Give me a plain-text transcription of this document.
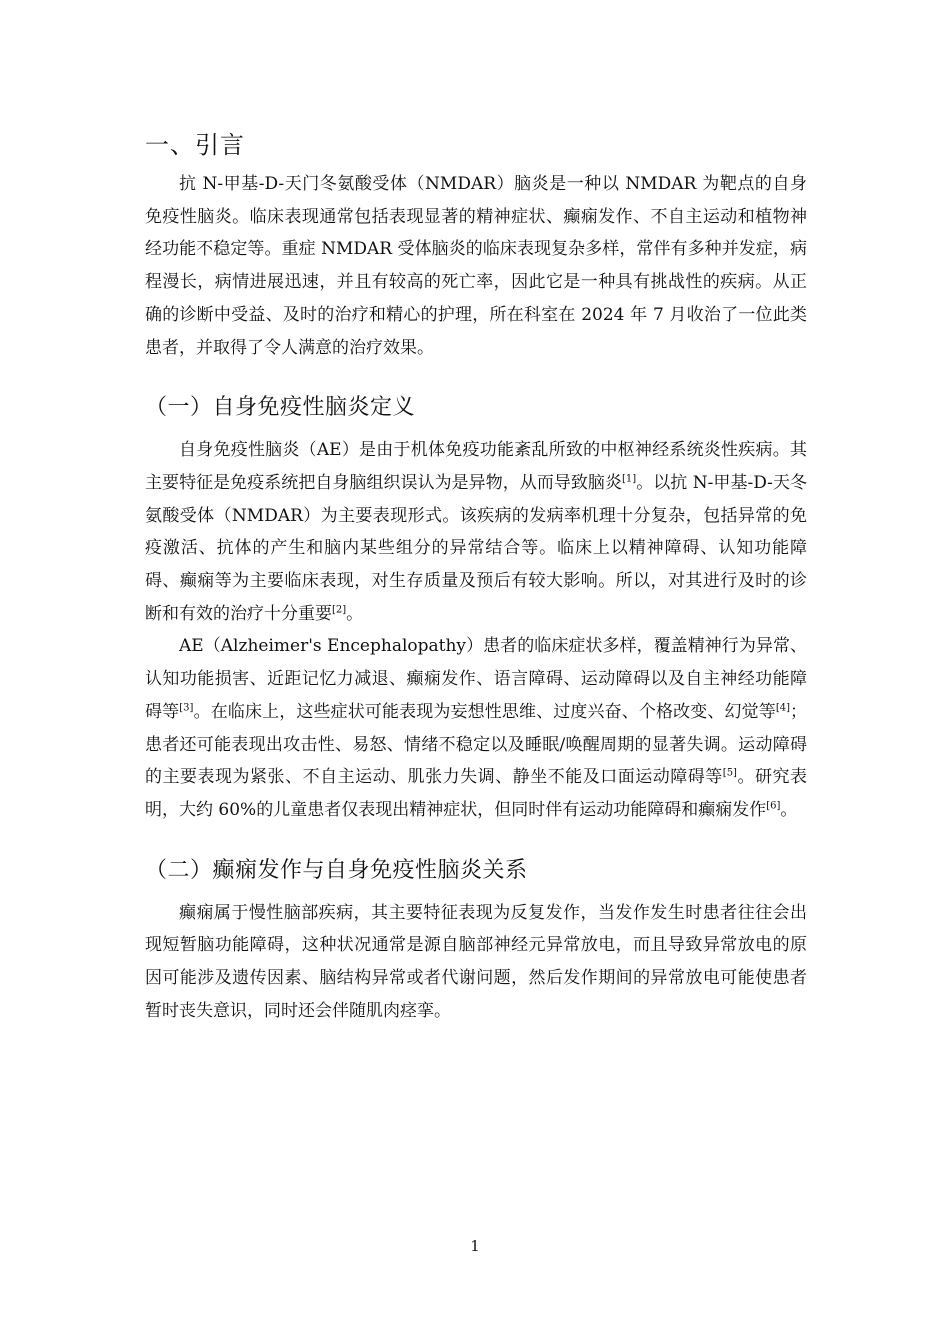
一、引言

抗 N-甲基-D-天门冬氨酸受体（NMDAR）脑炎是一种以 NMDAR 为靶点的自身免疫性脑炎。临床表现通常包括表现显著的精神症状、癫痫发作、不自主运动和植物神经功能不稳定等。重症 NMDAR 受体脑炎的临床表现复杂多样，常伴有多种并发症，病程漫长，病情进展迅速，并且有较高的死亡率，因此它是一种具有挑战性的疾病。从正确的诊断中受益、及时的治疗和精心的护理，所在科室在 2024 年 7 月收治了一位此类患者，并取得了令人满意的治疗效果。

（一）自身免疫性脑炎定义

自身免疫性脑炎（AE）是由于机体免疫功能紊乱所致的中枢神经系统炎性疾病。其主要特征是免疫系统把自身脑组织误认为是异物，从而导致脑炎[1]。以抗 N-甲基-D-天冬氨酸受体（NMDAR）为主要表现形式。该疾病的发病率机理十分复杂，包括异常的免疫激活、抗体的产生和脑内某些组分的异常结合等。临床上以精神障碍、认知功能障碍、癫痫等为主要临床表现，对生存质量及预后有较大影响。所以，对其进行及时的诊断和有效的治疗十分重要[2]。

AE（Alzheimer's Encephalopathy）患者的临床症状多样，覆盖精神行为异常、认知功能损害、近距记忆力减退、癫痫发作、语言障碍、运动障碍以及自主神经功能障碍等[3]。在临床上，这些症状可能表现为妄想性思维、过度兴奋、个格改变、幻觉等[4]；患者还可能表现出攻击性、易怒、情绪不稳定以及睡眠/唤醒周期的显著失调。运动障碍的主要表现为紧张、不自主运动、肌张力失调、静坐不能及口面运动障碍等[5]。研究表明，大约 60%的儿童患者仅表现出精神症状，但同时伴有运动功能障碍和癫痫发作[6]。

（二）癫痫发作与自身免疫性脑炎关系

癫痫属于慢性脑部疾病，其主要特征表现为反复发作，当发作发生时患者往往会出现短暂脑功能障碍，这种状况通常是源自脑部神经元异常放电，而且导致异常放电的原因可能涉及遗传因素、脑结构异常或者代谢问题，然后发作期间的异常放电可能使患者暂时丧失意识，同时还会伴随肌肉痉挛。

1
